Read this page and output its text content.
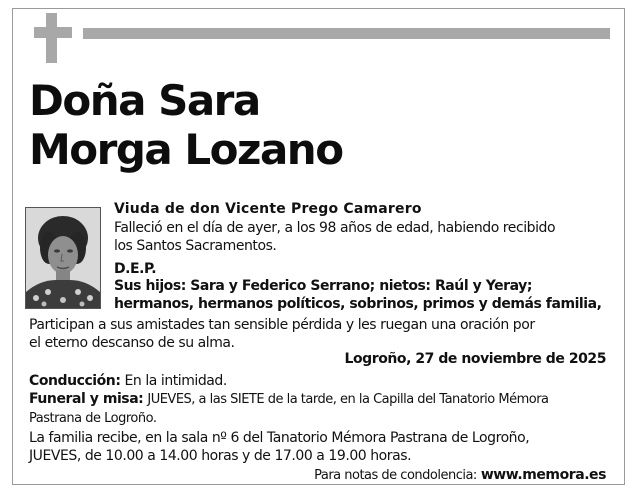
Doña Sara
Morga Lozano
Viuda de don Vicente Prego Camarero
Falleció en el día de ayer, a los 98 años de edad, habiendo recibido
los Santos Sacramentos.
D.E.P.
Sus hijos: Sara y Federico Serrano; nietos: Raúl y Yeray;
hermanos, hermanos políticos, sobrinos, primos y demás familia,
Participan a sus amistades tan sensible pérdida y les ruegan una oración por
el eterno descanso de su alma.
Logroño, 27 de noviembre de 2025
Conducción: En la intimidad.
Funeral y misa: JUEVES, a las SIETE de la tarde, en la Capilla del Tanatorio Mémora
Pastrana de Logroño.
La familia recibe, en la sala nº 6 del Tanatorio Mémora Pastrana de Logroño,
JUEVES, de 10.00 a 14.00 horas y de 17.00 a 19.00 horas.
Para notas de condolencia: www.memora.es
